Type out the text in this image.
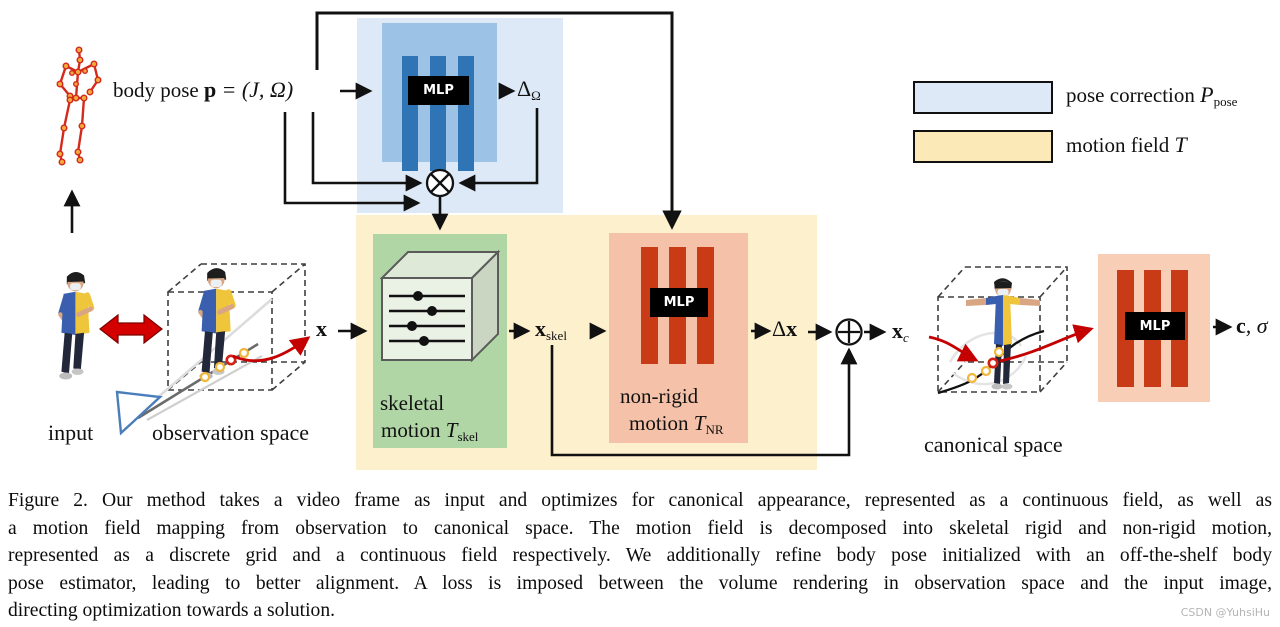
MLP
MLP
MLP
pose correction Ppose
motion field T
body pose p = (J, Ω)	ΔΩ
x	xskel	Δx	xc	c, σ
skeletal
motion Tskel
non-rigid
motion TNR
input	observation space	canonical space
Figure 2. Our method takes a video frame as input and optimizes for canonical appearance, represented as a continuous field, as well as
a motion field mapping from observation to canonical space. The motion field is decomposed into skeletal rigid and non-rigid motion,
represented as a discrete grid and a continuous field respectively. We additionally refine body pose initialized with an off-the-shelf body
pose estimator, leading to better alignment. A loss is imposed between the volume rendering in observation space and the input image,
directing optimization towards a solution.	CSDN @YuhsiHu
